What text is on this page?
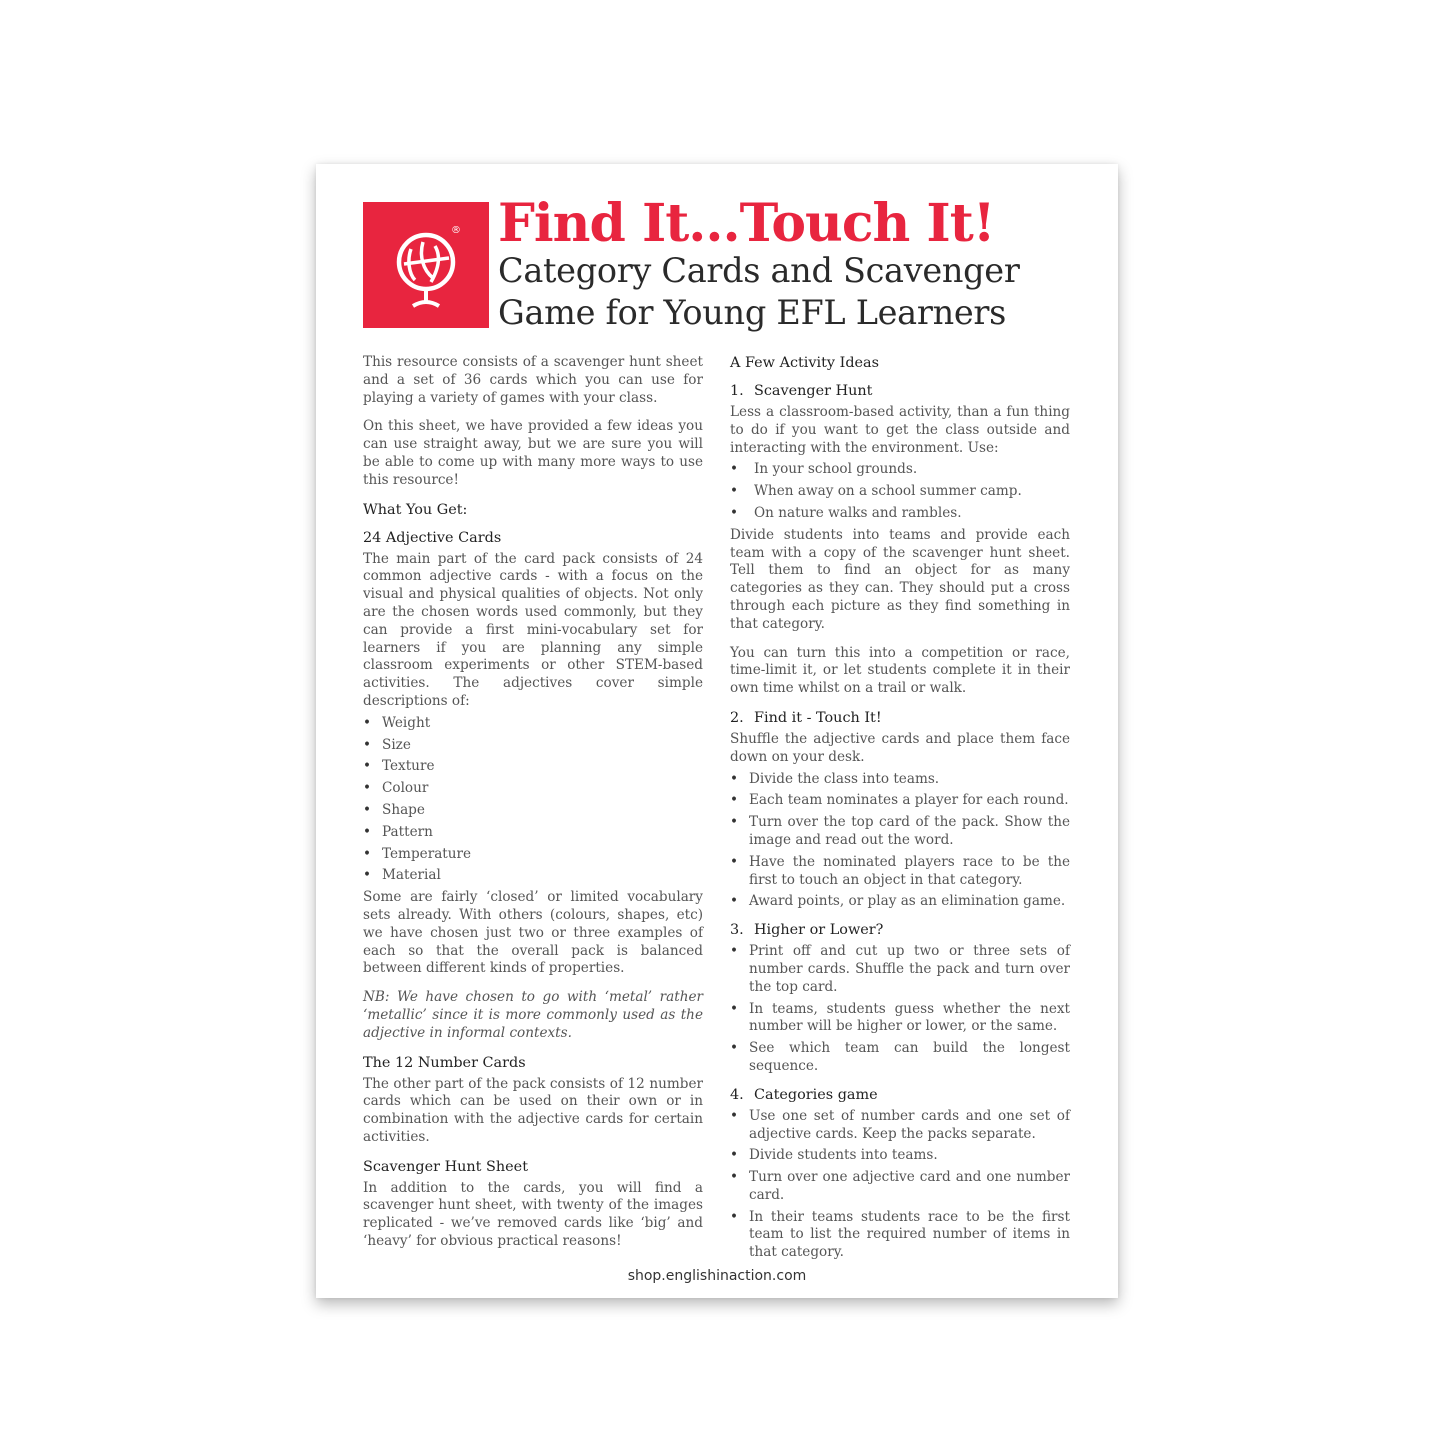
® Find It...Touch It!
Category Cards and Scavenger
Game for Young EFL Learners

This resource consists of a scavenger hunt sheet and a set of 36 cards which you can use for playing a variety of games with your class.

On this sheet, we have provided a few ideas you can use straight away, but we are sure you will be able to come up with many more ways to use this resource!

What You Get:
24 Adjective Cards

The main part of the card pack consists of 24 common adjective cards - with a focus on the visual and physical qualities of objects. Not only are the chosen words used commonly, but they can provide a first mini-vocabulary set for learners if you are planning any simple classroom experiments or other STEM-based activities. The adjectives cover simple descriptions of:

• Weight
• Size
• Texture
• Colour
• Shape
• Pattern
• Temperature
• Material

Some are fairly ‘closed’ or limited vocabulary sets already. With others (colours, shapes, etc) we have chosen just two or three examples of each so that the overall pack is balanced between different kinds of properties.

NB: We have chosen to go with ‘metal’ rather ‘metallic’ since it is more commonly used as the adjective in informal contexts.

The 12 Number Cards

The other part of the pack consists of 12 number cards which can be used on their own or in combination with the adjective cards for certain activities.

Scavenger Hunt Sheet

In addition to the cards, you will find a scavenger hunt sheet, with twenty of the images replicated - we’ve removed cards like ‘big’ and ‘heavy’ for obvious practical reasons!

A Few Activity Ideas
1. Scavenger Hunt

Less a classroom-based activity, than a fun thing to do if you want to get the class outside and interacting with the environment. Use:

• In your school grounds.
• When away on a school summer camp.
• On nature walks and rambles.

Divide students into teams and provide each team with a copy of the scavenger hunt sheet. Tell them to find an object for as many categories as they can. They should put a cross through each picture as they find something in that category.

You can turn this into a competition or race, time-limit it, or let students complete it in their own time whilst on a trail or walk.

2. Find it - Touch It!

Shuffle the adjective cards and place them face down on your desk.

• Divide the class into teams.
• Each team nominates a player for each round.
• Turn over the top card of the pack. Show the image and read out the word.
• Have the nominated players race to be the first to touch an object in that category.
• Award points, or play as an elimination game.
3. Higher or Lower?
• Print off and cut up two or three sets of number cards. Shuffle the pack and turn over the top card.
• In teams, students guess whether the next number will be higher or lower, or the same.
• See which team can build the longest sequence.
4. Categories game
• Use one set of number cards and one set of adjective cards. Keep the packs separate.
• Divide students into teams.
• Turn over one adjective card and one number card.
• In their teams students race to be the first team to list the required number of items in that category.
shop.englishinaction.com
